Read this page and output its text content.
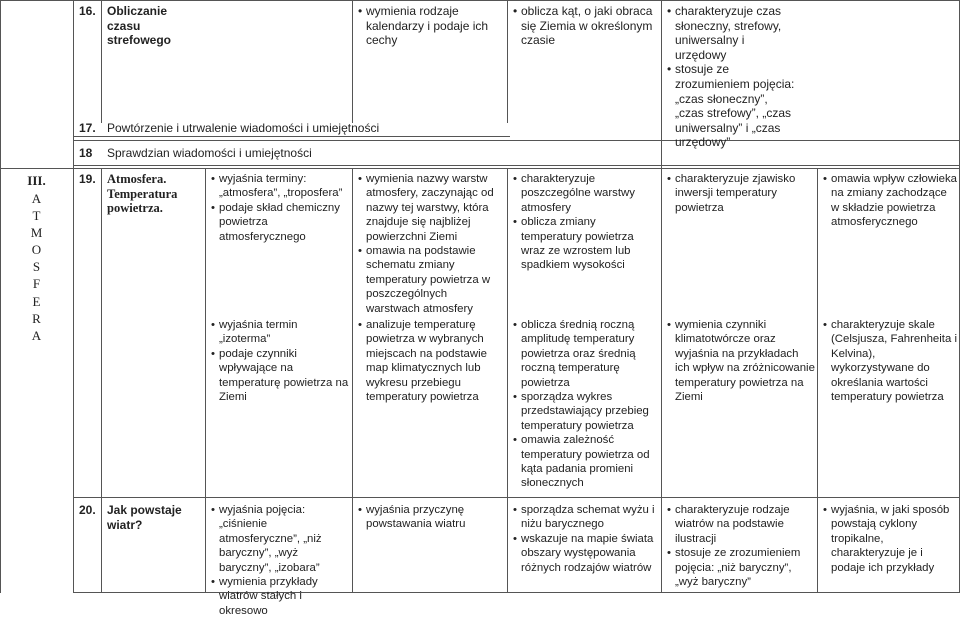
16. Obliczanie czasu strefowego
• wymienia rodzaje kalendarzy i podaje ich cechy
• oblicza kąt, o jaki obraca się Ziemia w określonym czasie
• charakteryzuje czas słoneczny, strefowy, uniwersalny i urzędowy
• stosuje ze zrozumieniem pojęcia: „czas słoneczny”, „czas strefowy”, „czas uniwersalny” i „czas urzędowy”
17. Powtórzenie i utrwalenie wiadomości i umiejętności
18 Sprawdzian wiadomości i umiejętności
III.
A
T
M
O
S
F
E
R
A
19. Atmosfera.
Temperatura powietrza.
• wyjaśnia terminy: „atmosfera”, „troposfera”
• podaje skład chemiczny powietrza atmosferycznego
• wyjaśnia termin „izoterma”
• podaje czynniki wpływające na temperaturę powietrza na Ziemi
• wymienia nazwy warstw atmosfery, zaczynając od nazwy tej warstwy, która znajduje się najbliżej powierzchni Ziemi
• omawia na podstawie schematu zmiany temperatury powietrza w poszczególnych warstwach atmosfery
• analizuje temperaturę powietrza w wybranych miejscach na podstawie map klimatycznych lub wykresu przebiegu temperatury powietrza
• charakteryzuje poszczególne warstwy atmosfery
• oblicza zmiany temperatury powietrza wraz ze wzrostem lub spadkiem wysokości
• oblicza średnią roczną amplitudę temperatury powietrza oraz średnią roczną temperaturę powietrza
• sporządza wykres przedstawiający przebieg temperatury powietrza
• omawia zależność temperatury powietrza od kąta padania promieni słonecznych
• charakteryzuje zjawisko inwersji temperatury powietrza
• wymienia czynniki klimatotwórcze oraz wyjaśnia na przykładach ich wpływ na zróżnicowanie temperatury powietrza na Ziemi
• omawia wpływ człowieka na zmiany zachodzące w składzie powietrza atmosferycznego
• charakteryzuje skale (Celsjusza, Fahrenheita i Kelvina), wykorzystywane do określania wartości temperatury powietrza
20. Jak powstaje wiatr?
• wyjaśnia pojęcia: „ciśnienie atmosferyczne”, „niż baryczny”, „wyż baryczny”, „izobara”
• wymienia przykłady wiatrów stałych i okresowo
• wyjaśnia przyczynę powstawania wiatru
• sporządza schemat wyżu i niżu barycznego
• wskazuje na mapie świata obszary występowania różnych rodzajów wiatrów
• charakteryzuje rodzaje wiatrów na podstawie ilustracji
• stosuje ze zrozumieniem pojęcia: „niż baryczny”, „wyż baryczny”
• wyjaśnia, w jaki sposób powstają cyklony tropikalne, charakteryzuje je i podaje ich przykłady
